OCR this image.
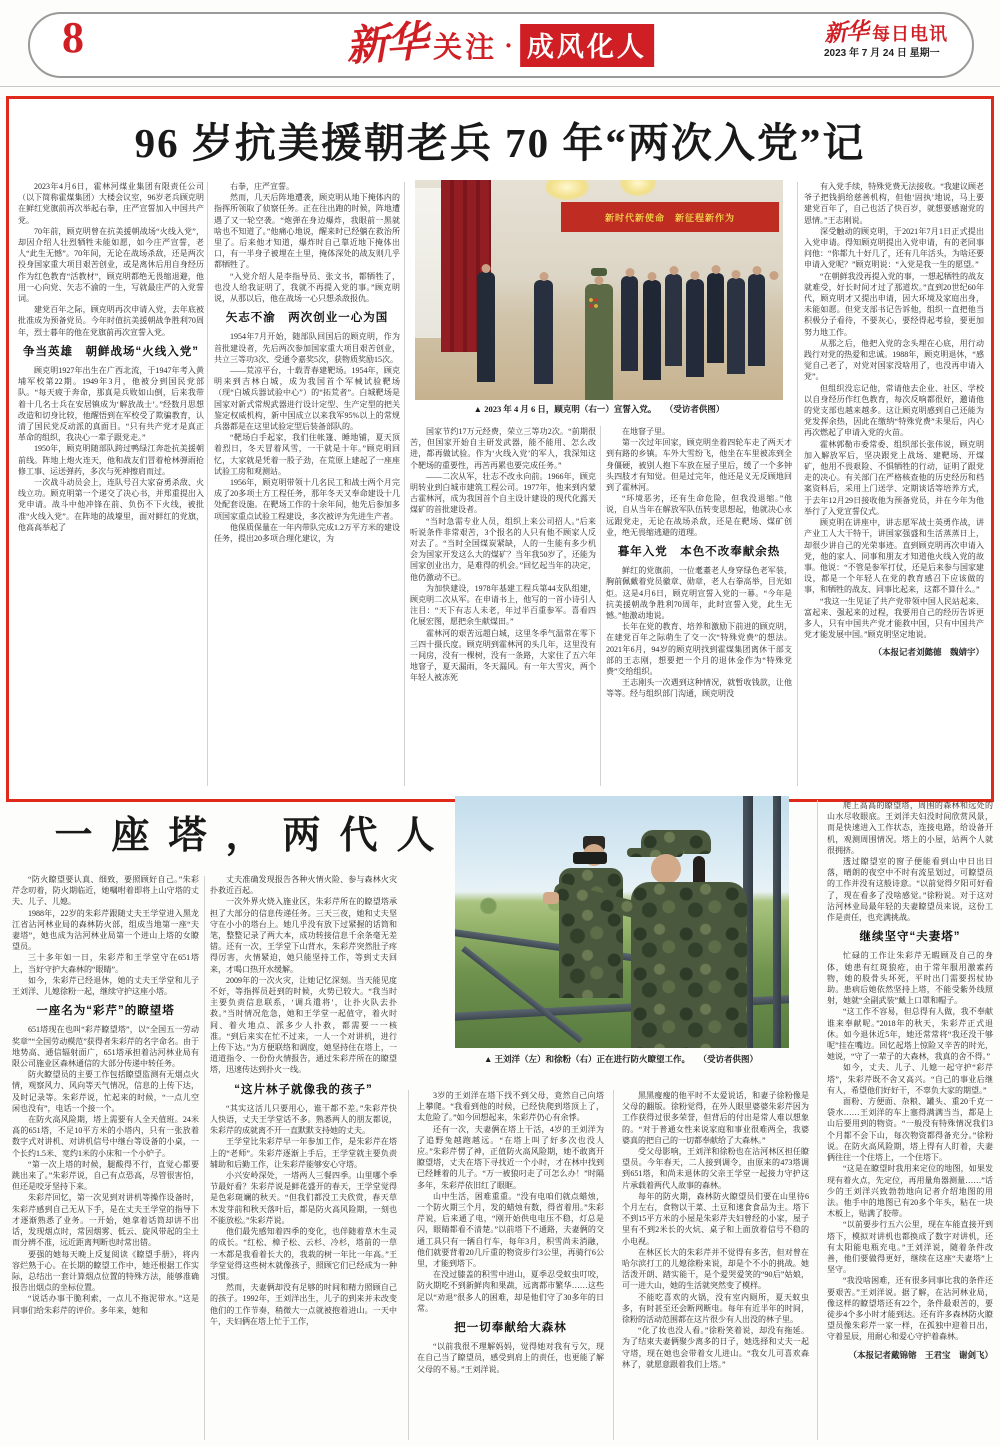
8	新华 关注 · 成风化人	新华 每日电讯
2023 年 7 月 24 日 星期一
96 岁抗美援朝老兵 70 年“两次入党”记
新时代新使命　新征程新作为
▲ 2023 年 4 月 6 日，顾克明（右一）宣誓入党。　　（受访者供图）

2023年4月6日，霍林河煤业集团有限责任公司（以下简称霍煤集团）大楼会议室，96岁老兵顾克明在鲜红党旗前再次举起右拳，庄严宣誓加入中国共产党。

70年前，顾克明曾在抗美援朝战场“火线入党”，却因介绍人壮烈牺牲未能如愿，如今庄严宣誓，老人“此生无憾”。70年间，无论在战场杀敌，还是两次投身国家重大项目艰苦创业，或是离休后用自身经历作为红色教育“活教材”，顾克明都绝无畏缩退避，他用一心向党、矢志不渝的一生，写就最庄严的入党誓词。

建党百年之际，顾克明再次申请入党，去年底被批准成为预备党员。今年时值抗美援朝战争胜利70周年，烈士暮年的他在党旗前再次宣誓入党。

争当英雄　朝鲜战场“火线入党”

顾克明1927年出生在广西北流，于1947年考入黄埔军校第22期。1949年3月，他被分到国民党部队。“每天疲于奔命，那真是兵败如山倒，后来我带着十几名士兵在安居镇成为‘解放战士’。”经数月思想改造和切身比较，他醒悟到在军校受了欺骗教育，认清了国民党反动派的真面目。“只有共产党才是真正革命的组织，我决心一辈子跟党走。”

1950年，顾克明随部队跨过鸭绿江奔赴抗美援朝前线。阵地上炮火连天，他和战友们冒着枪林弹雨抢修工事、运送弹药，多次与死神擦肩而过。

一次战斗动员会上，连队号召大家奋勇杀敌、火线立功。顾克明第一个递交了决心书，并郑重提出入党申请。战斗中他冲锋在前、负伤不下火线，被批准“火线入党”。在阵地的战壕里，面对鲜红的党旗，他高高举起了

右拳，庄严宣誓。

然而，几天后阵地遭袭，顾克明从地下掩体内的指挥所领取了侦察任务。正在往出跑的时候，阵地遭遇了又一轮空袭。“炮弹在身边爆炸，我眼前一黑就啥也不知道了。”他痛心地说，醒来时已经躺在救治所里了。后来他才知道，爆炸时自己靠近地下掩体出口，有一半身子被埋在土里，掩体深处的战友则几乎都牺牲了。

“入党介绍人是李指导员、张文书，都牺牲了，也没人给我证明了，我就不再提入党的事。”顾克明说，从那以后，他在战场一心只想杀敌报仇。

矢志不渝　两次创业一心为国

1954年7月开始，随部队回国后的顾克明，作为首批建设者，先后两次参加国家重大项目艰苦创业，共立三等功3次、受通令嘉奖5次，获物质奖励15次。

——荒凉平台，十载青春建靶场。1954年，顾克明来到吉林白城，成为我国首个军械试验靶场（现“白城兵器试验中心”）的“拓荒者”。白城靶场是国家对新式常规武器进行设计定型、生产定型的把关鉴定权威机构，新中国成立以来我军95%以上的常规兵器都是在这里试验定型后装备部队的。

“靶场白手起家，我们住帐篷、睡地铺，夏天顶着烈日，冬天冒着风雪，一干就是十年。”顾克明回忆，大家就是凭着一股子劲，在荒原上建起了一座座试验工房和观测站。

1956年，顾克明带领十几名民工和战士两个月完成了20多项土方工程任务，那年冬天又奉命建设十几处配套设施。在靶场工作的十余年间，他先后参加多项国家重点试验工程建设，多次被评为先进生产者。

他保质保量在一年内带队完成1.2万平方米的建设任务，提出20多项合理化建议，为

国家节约17万元经费，荣立三等功2次。“前期很苦，但国家开始自主研发武器，能不能用、怎么改进，都再做试验。作为‘火线入党’的军人，我深知这个靶场的重要性，再苦再累也要完成任务。”

——二次从军，壮志不改永向前。1966年，顾克明转业到白城市建筑工程公司。1977年，他来到内蒙古霍林河，成为我国首个自主设计建设的现代化露天煤矿的首批建设者。

“当时急需专业人员，组织上来公司招人。”后来听说条件非常艰苦，3个报名的人只有他不顾家人反对去了。“当时全国煤炭紧缺，人的一生能有多少机会为国家开发这么大的煤矿？当年我50岁了，还能为国家创业出力，是难得的机会。”回忆起当年的决定，他仍激动不已。

为加快建设，1978年基建工程兵第44支队组建，顾克明二次从军。在申请书上，他写的一首小诗引人注目：“天下有志人未老，年过半百重参军。喜看四化展宏图，愿把余生献煤田。”

霍林河的艰苦远超白城，这里冬季气温常在零下三四十摄氏度。顾克明到霍林河的头几年，这里没有一间房，没有一棵树，没有一条路，大家住了五六年地窨子，夏天漏雨，冬天漏风。有一年大雪灾，两个年轻人被冻死

在地窨子里。

第一次过年回家，顾克明坐着四轮车走了两天才到有路的乡镇。车外大雪纷飞，他坐在车里被冻到全身僵硬，被别人抱下车放在屋子里后，缓了一个多钟头四肢才有知觉。但是过完年，他还是义无反顾地回到了霍林河。

“环境恶劣，还有生命危险，但我没退缩。”他说，自从当年在解放军队伍转变思想起，他就决心永远跟党走，无论在战场杀敌，还是在靶场、煤矿创业，绝无畏缩逃避的道理。

暮年入党　本色不改奉献余热

鲜红的党旗前，一位耄耋老人身穿绿色老军装，胸前佩戴着党员徽章、勋章，老人右拳高举，目光如炬。这是4月6日，顾克明宣誓入党的一幕。“今年是抗美援朝战争胜利70周年，此时宣誓入党，此生无憾。”他激动地说。

长年在党的教育、培养和激励下前进的顾克明，在建党百年之际萌生了交一次“特殊党费”的想法。2021年6月，94岁的顾克明找到霍煤集团离休干部支部的王志刚，想要把一个月的退休金作为“特殊党费”交给组织。

王志刚头一次遇到这种情况，就暂收钱款，让他等等。经与组织部门沟通，顾克明没

有入党手续，特殊党费无法接收。“我建议顾老爷子把钱捐给慈善机构，但他‘固执’地说，马上要建党百年了，自己也活了快百岁，就想要感谢党的恩情。”王志刚说。

深受触动的顾克明，于2021年7月1日正式提出入党申请。得知顾克明提出入党申请，有的老同事问他：“你都九十好几了，还有几年活头，为啥还要申请入党呢？”顾克明说：“入党是我一生的愿望。”

“在朝鲜我没再提入党的事，一想起牺牲的战友就难受，好长时间才过了那道坎。”直到20世纪60年代，顾克明才又提出申请，因大环境及家庭出身，未能如愿。但党支部书记告诉他，组织一直把他当积极分子看待，不要灰心，要经得起考验，要更加努力地工作。

从那之后，他把入党的念头埋在心底，用行动践行对党的热爱和忠诚。1988年，顾克明退休，“感觉自己老了，对党对国家没啥用了，也没再申请入党”。

但组织没忘记他，常请他去企业、社区、学校以自身经历作红色教育，每次反响都很好，邀请他的党支部也越来越多。这让顾克明感到自己还能为党发挥余热，因此在缴纳“特殊党费”未果后，内心再次燃起了申请入党的火苗。

霍林郭勒市委常委、组织部长张伟说，顾克明加入解放军后，坚决跟党上战场、建靶场、开煤矿，他用不畏艰险、不惧牺牲的行动，证明了跟党走的决心。有关部门在严格核查他的历史经历和档案资料后，采用上门送学、定期谈话等培养方式，于去年12月29日接收他为预备党员，并在今年为他举行了入党宣誓仪式。

顾克明在讲座中，讲志愿军战士英勇作战，讲产业工人大干特干，讲国家强盛和生活蒸蒸日上，却很少讲自己的光荣事迹。直到顾克明再次申请入党，他的家人、同事和朋友才知道他火线入党的故事。他说：“不管是参军打仗，还是后来参与国家建设，都是一个年轻人在党的教育感召下应该做的事，和牺牲的战友、同事比起来，这都不算什么。”

“我这一生见证了共产党带领中国人民站起来、富起来、强起来的过程，我要用自己的经历告诉更多人，只有中国共产党才能救中国，只有中国共产党才能发展中国。”顾克明坚定地说。

（本报记者刘懿德　魏婧宇）
一座塔，两代人
▲ 王刘洋（左）和徐粉（右）正在进行防火瞭望工作。　　（受访者供图）

“防火瞭望要认真、细致，要照顾好自己。”朱彩芹念叨着，防火期临近，她嘱咐着即将上山守塔的丈夫、儿子、儿媳。

1988年，22岁的朱彩芹跟随丈夫王学堂进入黑龙江省沾河林业局的森林防火部，组成当地第一座“夫妻塔”，她也成为沾河林业局第一个进山上塔的女瞭望员。

三十多年如一日，朱彩芹和王学堂守在651塔上，当好守护大森林的“眼睛”。

如今，朱彩芹已经退休，她的丈夫王学堂和儿子王刘洋、儿媳徐粉一起，继续守护这座小塔。

一座名为“彩芹”的瞭望塔

651塔现在也叫“彩芹瞭望塔”，以“全国五一劳动奖章”“全国劳动模范”获得者朱彩芹的名字命名。由于地势高、通信辐射面广，651塔承担着沾河林业局有限公司施业区森林通信的大部分传递中转任务。

防火瞭望员的主要工作包括瞭望监测有无烟点火情，观察风力、风向等天气情况，信息的上传下达，及时记录等。朱彩芹说，忙起来的时候，“一点儿空闲也没有”，电话一个接一个。

在防火高风险期，塔上需要有人全天值班。24米高的651塔，不足10平方米的小塔内，只有一张放着数字式对讲机、对讲机信号中继台等设备的小桌，一个长约1.5米、宽约1米的小床和一个小炉子。

“第一次上塔的时候，腿酸得不行，直觉心都要跳出来了。”朱彩芹说，自己有点恐高，尽管很害怕，但还是咬牙坚持下来。

朱彩芹回忆，第一次见到对讲机等操作设备时，朱彩芹感到自己无从下手，是在丈夫王学堂的指导下才逐渐熟悉了业务。一开始，她拿着话筒却讲不出话，发现烟点时，常因烟雾、低云、旋风带起的尘土而分辨不准，远近距离判断也时常出错。

要强的她每天晚上反复阅读《瞭望手册》，将内容烂熟于心。在长期的瞭望工作中，她还根据工作实际，总结出一套计算烟点位置的特殊方法，能够准确报告出烟点的坐标位置。

“说话办事干脆利索，一点儿不拖泥带水。”这是同事们给朱彩芹的评价。多年来，她和

丈夫准确发现报告各种火情火险、参与森林火灾扑救近百起。

一次外界火烧入施业区，朱彩芹所在的瞭望塔承担了大部分的信息传递任务。三天三夜，她和丈夫坚守在小小的塔台上。她几乎没有放下过紧握的话筒和笔，整整记录了两大本，成功转接信息千余条毫无差错。还有一次，王学堂下山背水，朱彩芹突然肚子疼得厉害，火情紧迫，她只能坚持工作，等到丈夫回来，才喝口热开水缓解。

2009年的一次火灾，让她记忆深刻。当天能见度不好，等指挥员赶到的时候，火势已较大。“我当时主要负责信息联系，‘调兵遣将’，让扑火队去扑救。”当时情况危急，她和王学堂一起值守，着火时间、着火地点、派多少人扑救，都需要一一核准。“到后来实在忙不过来，一人一个对讲机，进行上传下达。”为方便联络和调度，她坚持住在塔上，一道道指令、一份份火情报告，通过朱彩芹所在的瞭望塔，迅速传达到扑火一线。

“这片林子就像我的孩子”

“其实这活儿只要用心，谁干都不差。”朱彩芹快人快语，丈夫王学堂话不多。熟悉两人的朋友都说，朱彩芹的成就离不开一直默默支持她的丈夫。

王学堂比朱彩芹早一年参加工作，是朱彩芹在塔上的“老师”。朱彩芹逐渐上手后，王学堂就主要负责辅助和后勤工作，让朱彩芹能够安心守塔。

小兴安岭深处，一塔两人三餐四季。山里哪个季节最好看？朱彩芹说是鲜花盛开的春天，王学堂觉得是色彩斑斓的秋天。“但我们都没工夫欣赏，春天草木发芽前和秋天落叶后，都是防火高风险期，一刻也不能放松。”朱彩芹说。

他们最先感知着四季的变化，也伴随着草木生灵的成长。“红松、樟子松、云杉、冷杉，塔前的一草一木都是我看着长大的，我栽的树一年比一年高。”王学堂觉得这些树木就像孩子，照顾它们已经成为一种习惯。

然而，夫妻俩却没有足够的时间和精力照顾自己的孩子。1992年，王刘洋出生，儿子的到来并未改变他们的工作节奏，稍微大一点就被抱着进山。一天中午，夫妇俩在塔上忙于工作，

3岁的王刘洋在塔下找不到父母，竟然自己向塔上攀爬。“我看到他的时候，已经快爬到塔顶上了，太危险了。”如今回想起来，朱彩芹仍心有余悸。

还有一次，夫妻俩在塔上干活，4岁的王刘洋为了追野兔越跑越远。“在塔上叫了好多次也没人应。”朱彩芹愣了神，正值防火高风险期，她不敢离开瞭望塔，丈夫在塔下寻找近一个小时，才在林中找到已经睡着的儿子。“万一被狼叼走了可怎么办！”时隔多年，朱彩芹依旧红了眼眶。

山中生活，困难重重。“没有电咱们就点蜡烛，一个防火期三个月，发的蜡烛有数，得省着用。”朱彩芹说，后来通了电，“刚开始供电电压不稳，灯总是闪，眼睛都看不清楚。”以前塔下不通路，夫妻俩的交通工具只有一辆自行车，每年3月，积雪尚未消融，他们就要背着20几斤重的物资步行3公里，再骑行6公里，才能到塔下。

在没过膝盖的积雪中进山，夏季忍受蚊虫叮咬，防火期吃不到新鲜肉和果蔬，远离都市繁华……这些足以“劝退”很多人的困难，却是他们守了30多年的日常。

把一切奉献给大森林

“以前我很不理解妈妈，觉得她对我有亏欠，现在自己当了瞭望员，感受到肩上的责任，也更能了解父母的不易。”王刘洋说。

黑黑瘦瘦的他平时不太爱说话，和妻子徐粉像是父母的翻版。徐粉觉得，在外人眼里婆婆朱彩芹因为工作获得过很多荣誉，但背后的付出是常人难以想象的。“对于普通女性来说家庭和事业很难两全，我婆婆真的把自己的一切都奉献给了大森林。”

受父母影响，王刘洋和徐粉也在沾河林区担任瞭望员。今年春天，二人接到调令，由原来的473塔调到651塔，和尚未退休的父亲王学堂一起接力守护这片承载着两代人故事的森林。

每年的防火期，森林防火瞭望员们要在山里待6个月左右，食物以干菜、土豆和速食食品为主。塔下不到15平方米的小屋是朱彩芹夫妇曾经的小家，屋子里有不到2米长的火炕、桌子和上面放着信号不稳的小电视。

在林区长大的朱彩芹并不觉得有多苦，但对曾在哈尔滨打工的儿媳徐粉来说，却是个不小的挑战。她活泼开朗、踏实能干，是个爱哭爱笑的“90后”姑娘，可一进大山，她的生活就突然变了模样。

不能吃喜欢的火锅，没有室内厕所，夏天蚊虫多，有时甚至还会断网断电。每年有近半年的时间，徐粉的活动范围都在这片很少有人出没的林子里。

“化了妆也没人看。”徐粉笑着说，却没有拖延。为了结束夫妻俩聚少离多的日子，她选择和丈夫一起守塔，现在她也会带着女儿进山。“我女儿可喜欢森林了，就愿意跟着我们上塔。”

爬上高高的瞭望塔，周围的森林和远处的山水尽收眼底。王刘洋夫妇没时间欣赏风景，而是快速进入工作状态，连接电路，给设备开机，观测周围情况。塔上的小屋，站两个人就很拥挤。

透过瞭望室的窗子便能看到山中日出日落，晴朗的夜空中不时有流星划过，可瞭望员的工作并没有这般诗意。“以前觉得夕阳可好看了，现在看多了没啥感觉。”徐粉说。对于这对沾河林业局最年轻的夫妻瞭望员来说，这份工作是责任，也充满挑战。

继续坚守“夫妻塔”

忙碌的工作让朱彩芹无暇顾及自己的身体，她患有红斑狼疮，由于常年服用激素药物，她的股骨头坏死，平时出门需要拐杖协助。患病后她依然坚持上塔，不能受紫外线照射，她就“全副武装”戴上口罩和帽子。

“这工作不容易，但总得有人做，我不奉献谁来奉献呢。”2018年的秋天，朱彩芹正式退休。如今退休近5年，她还常常将“我还没干够呢”挂在嘴边。回忆起塔上惊险又辛苦的时光，她说，“守了一辈子的大森林，我真的舍不得。”

如今，丈夫、儿子、儿媳一起守护“彩芹塔”，朱彩芹既不舍又高兴。“自己的事业后继有人，希望他们好好干，不辜负大家的期望。”

面粉、方便面、杂粮、罐头、重20千克一袋水……王刘洋的车上塞得满满当当，都是上山后要用到的物资。“一般没有特殊情况我们3个月都不会下山，每次物资都得备充分。”徐粉说。在防火高风险期，塔上得有人盯着，夫妻俩往往一个住塔上，一个住塔下。

“这是在瞭望时我用来定位的地图，如果发现有着火点，先定位，再用量角器测量……”话少的王刘洋兴致勃勃地向记者介绍地图的用法。他手中的地图已有20多个年头，粘在一块木板上，贴满了胶带。

“以前要步行五六公里，现在车能直接开到塔下，模拟对讲机也都换成了数字对讲机，还有太阳能电瓶充电。”王刘洋说，随着条件改善，他们要做得更好，继续在这座“夫妻塔”上坚守。

“我没啥困难，还有很多同事比我的条件还要艰苦。”王刘洋说。据了解，在沾河林业局，像这样的瞭望塔还有22个，条件最艰苦的，要徒步4个多小时才能到达。还有许多森林防火瞭望员像朱彩芹一家一样，在孤独中迎着日出，守着星辰，用耐心和爱心守护着森林。

（本报记者戴锦镕　王君宝　谢剑飞）
